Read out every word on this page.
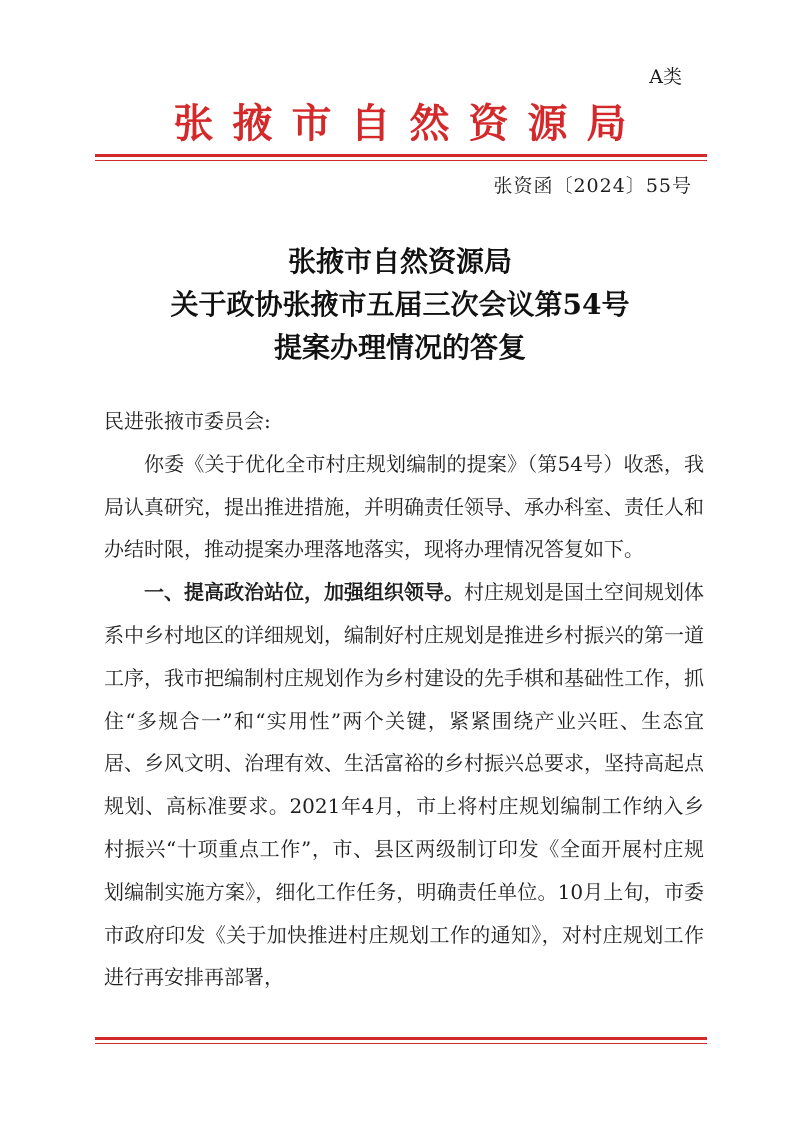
A类
张掖市自然资源局
张资函〔2024〕55号
张掖市自然资源局
关于政协张掖市五届三次会议第54号
提案办理情况的答复

民进张掖市委员会:

你委《关于优化全市村庄规划编制的提案》（第54号）收悉，我局认真研究，提出推进措施，并明确责任领导、承办科室、责任人和办结时限，推动提案办理落地落实，现将办理情况答复如下。

一、提高政治站位，加强组织领导。村庄规划是国土空间规划体系中乡村地区的详细规划，编制好村庄规划是推进乡村振兴的第一道工序，我市把编制村庄规划作为乡村建设的先手棋和基础性工作，抓住“多规合一”和“实用性”两个关键，紧紧围绕产业兴旺、生态宜居、乡风文明、治理有效、生活富裕的乡村振兴总要求，坚持高起点规划、高标准要求。2021年4月，市上将村庄规划编制工作纳入乡村振兴“十项重点工作”，市、县区两级制订印发《全面开展村庄规划编制实施方案》，细化工作任务，明确责任单位。10月上旬，市委市政府印发《关于加快推进村庄规划工作的通知》，对村庄规划工作进行再安排再部署，
